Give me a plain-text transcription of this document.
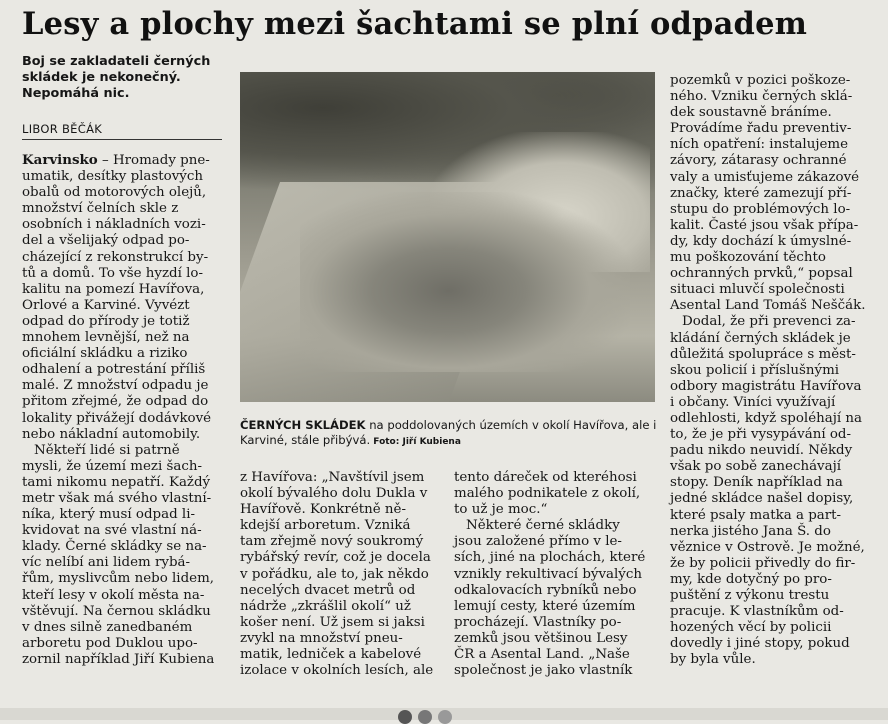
Lesy a plochy mezi šachtami se plní odpadem
Boj se zakladateli černých
skládek je nekonečný.
Nepomáhá nic.
LIBOR BĚČÁK

Karvinsko – Hromady pne-
umatik, desítky plastových
obalů od motorových olejů,
množství čelních skle z
osobních i nákladních vozi-
del a všelijaký odpad po-
cházející z rekonstrukcí by-
tů a domů. To vše hyzdí lo-
kalitu na pomezí Havířova,
Orlové a Karviné. Vyvézt
odpad do přírody je totiž
mnohem levnější, než na
oficiální skládku a riziko
odhalení a potrestání příliš
malé. Z množství odpadu je
přitom zřejmé, že odpad do
lokality přivážejí dodávkové
nebo nákladní automobily.

Někteří lidé si patrně
mysli, že území mezi šach-
tami nikomu nepatří. Každý
metr však má svého vlastní-
níka, který musí odpad li-
kvidovat na své vlastní ná-
klady. Černé skládky se na-
víc nelíbí ani lidem rybá-
řům, myslivcům nebo lidem,
kteří lesy v okolí města na-
vštěvují. Na černou skládku
v dnes silně zanedbaném
arboretu pod Duklou upo-
zornil například Jiří Kubiena

ČERNÝCH SKLÁDEK na poddolovaných územích v okolí Havířova, ale i Karviné, stále přibývá. Foto: Jiří Kubiena

z Havířova: „Navštívil jsem
okolí bývalého dolu Dukla v
Havířově. Konkrétně ně-
kdejší arboretum. Vzniká
tam zřejmě nový soukromý
rybářský revír, což je docela
v pořádku, ale to, jak někdo
necelých dvacet metrů od
nádrže „zkrášlil okolí“ už
košer není. Už jsem si jaksi
zvykl na množství pneu-
matik, ledniček a kabelové
izolace v okolních lesích, ale

tento dáreček od kteréhosi
malého podnikatele z okolí,
to už je moc.“

Některé černé skládky
jsou založené přímo v le-
sích, jiné na plochách, které
vznikly rekultivací bývalých
odkalovacích rybníků nebo
lemují cesty, které územím
procházejí. Vlastníky po-
zemků jsou většinou Lesy
ČR a Asental Land. „Naše
společnost je jako vlastník

pozemků v pozici poškoze-
ného. Vzniku černých sklá-
dek soustavně bráníme.
Provádíme řadu preventiv-
ních opatření: instalujeme
závory, zátarasy ochranné
valy a umisťujeme zákazové
značky, které zamezují pří-
stupu do problémových lo-
kalit. Časté jsou však přípa-
dy, kdy dochází k úmyslné-
mu poškozování těchto
ochranných prvků,“ popsal
situaci mluvčí společnosti
Asental Land Tomáš Neščák.

Dodal, že při prevenci za-
kládání černých skládek je
důležitá spolupráce s měst-
skou policií i příslušnými
odbory magistrátu Havířova
i občany. Viníci využívají
odlehlosti, když spoléhají na
to, že je při vysypávání od-
padu nikdo neuvidí. Někdy
však po sobě zanechávají
stopy. Deník například na
jedné skládce našel dopisy,
které psaly matka a part-
nerka jistého Jana Š. do
věznice v Ostrově. Je možné,
že by policii přivedly do fir-
my, kde dotyčný po pro-
puštění z výkonu trestu
pracuje. K vlastníkům od-
hozených věcí by policii
dovedly i jiné stopy, pokud
by byla vůle.
